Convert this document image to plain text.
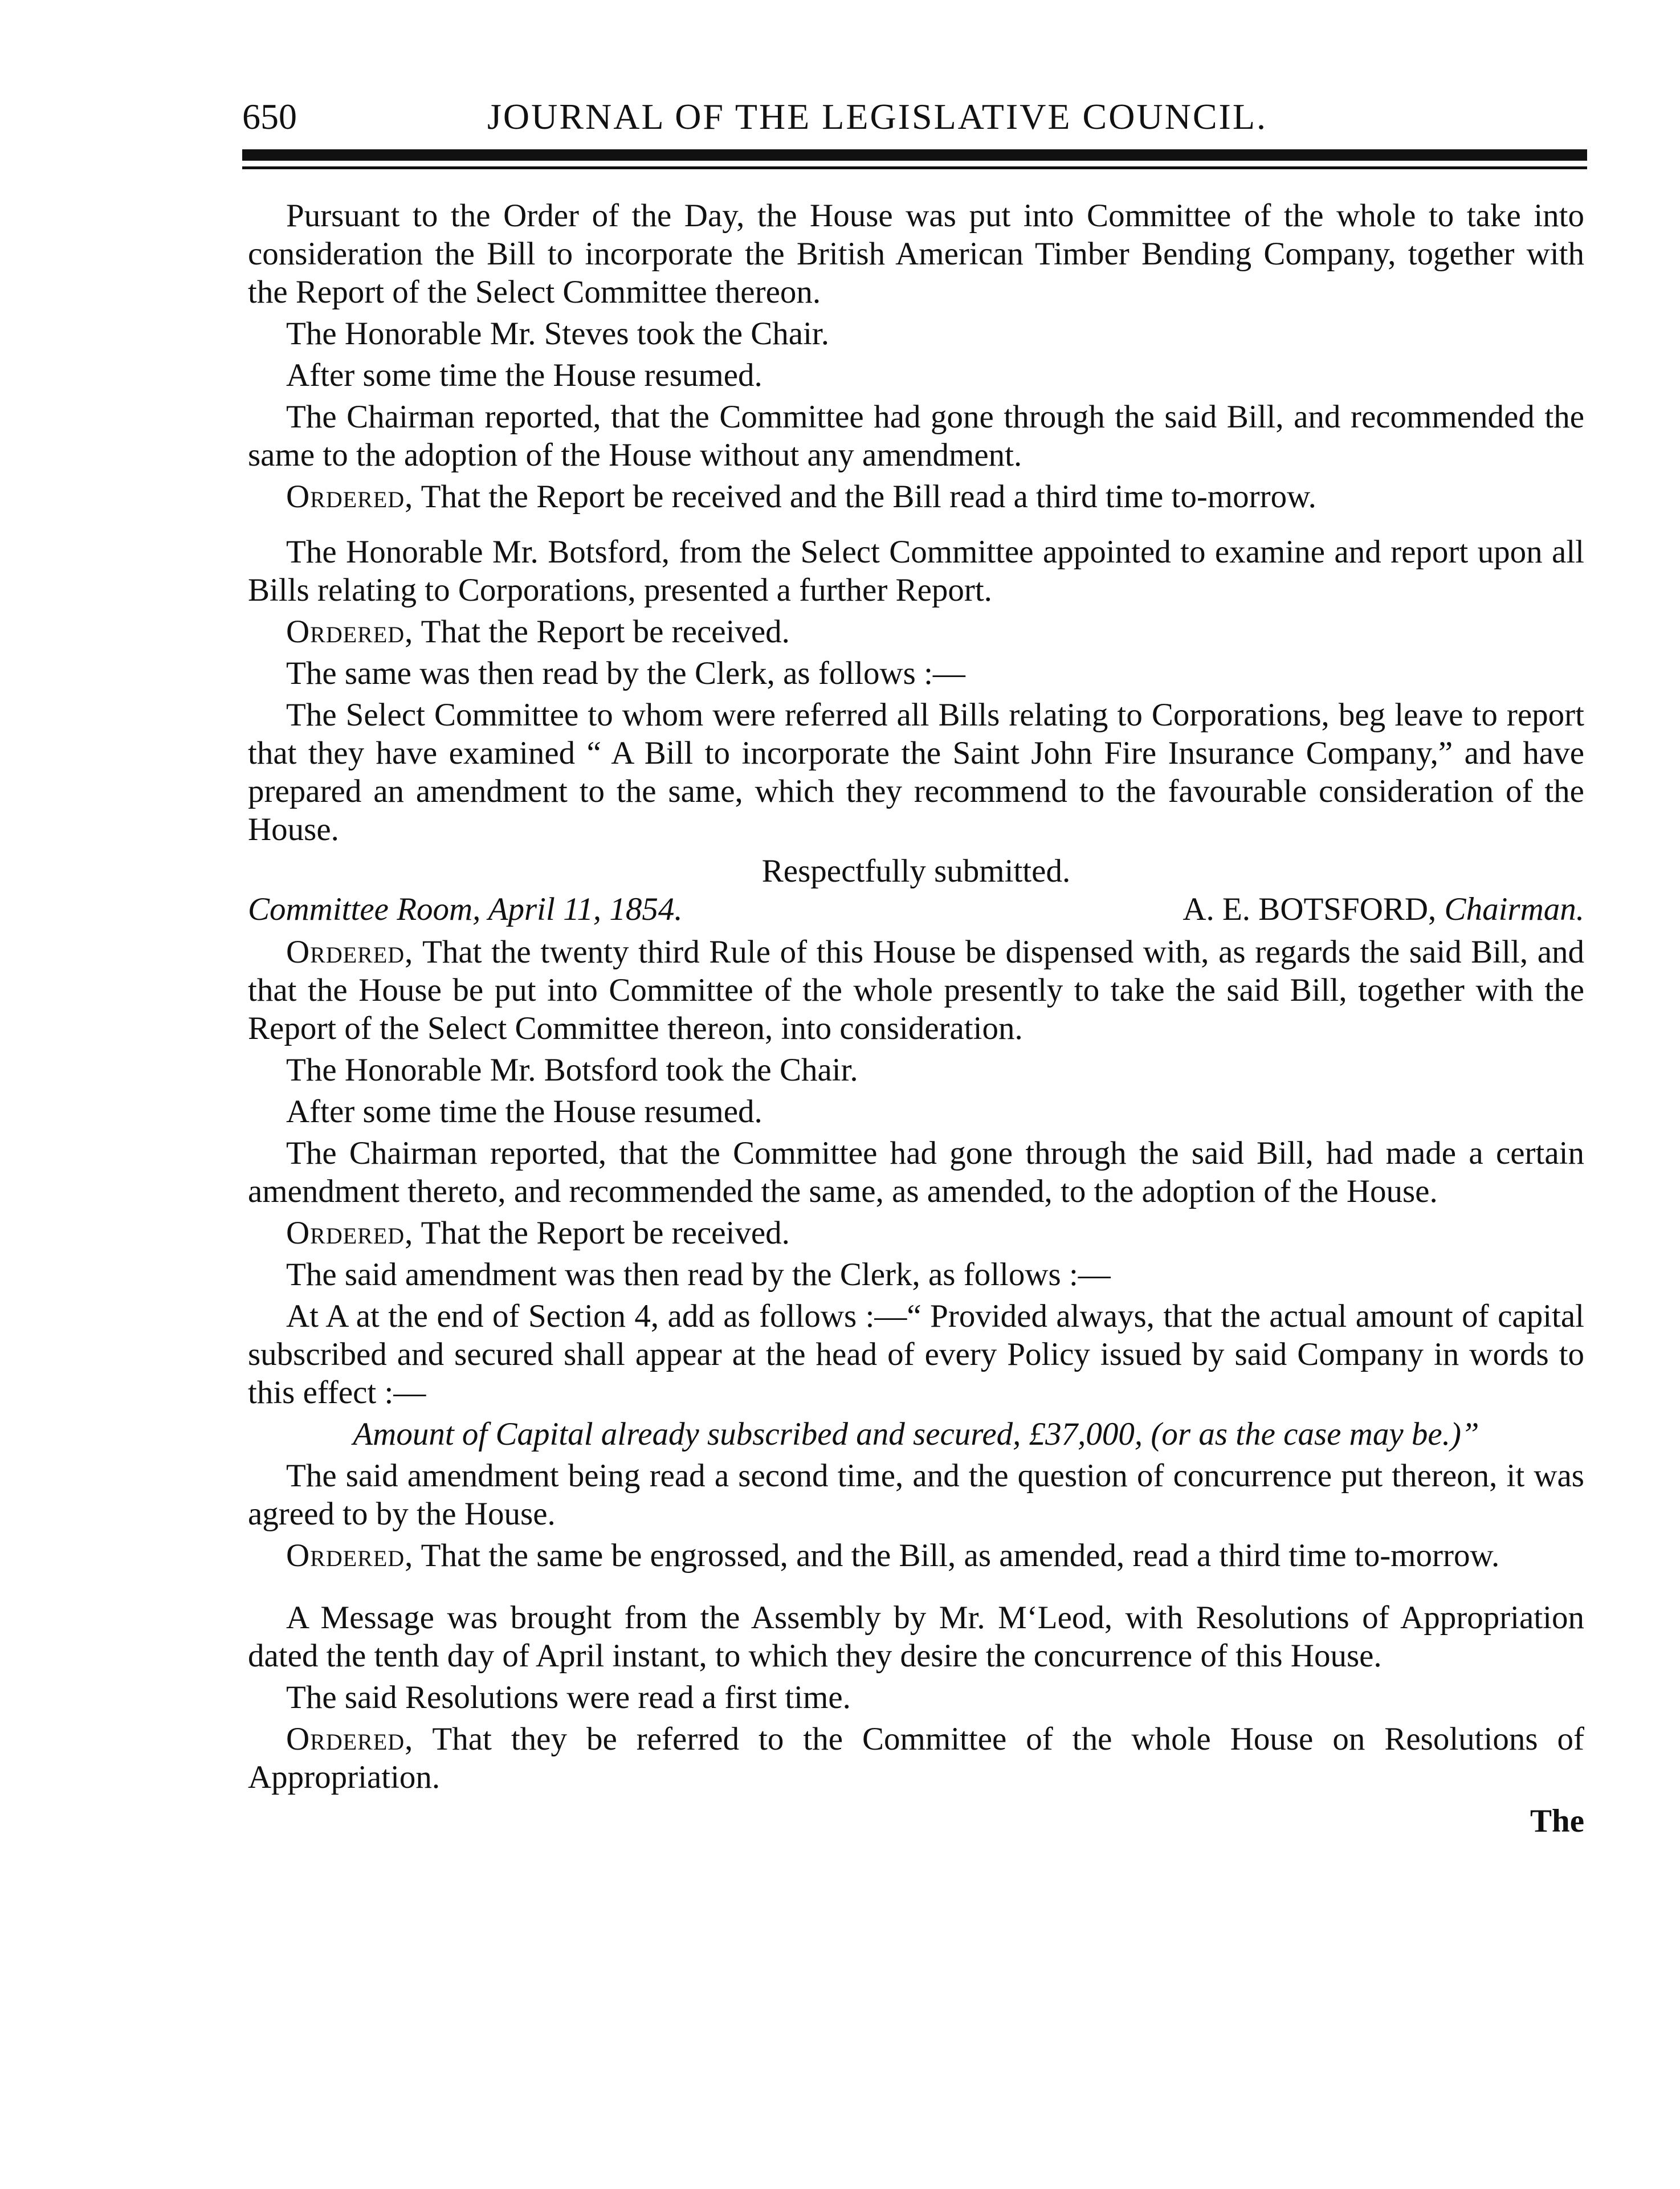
650	JOURNAL OF THE LEGISLATIVE COUNCIL.

Pursuant to the Order of the Day, the House was put into Committee of the whole to take into consideration the Bill to incorporate the British American Timber Bending Company, together with the Report of the Select Committee thereon.

The Honorable Mr. Steves took the Chair.

After some time the House resumed.

The Chairman reported, that the Committee had gone through the said Bill, and recommended the same to the adoption of the House without any amendment.

Ordered, That the Report be received and the Bill read a third time to-morrow.

The Honorable Mr. Botsford, from the Select Committee appointed to examine and report upon all Bills relating to Corporations, presented a further Report.

Ordered, That the Report be received.

The same was then read by the Clerk, as follows :—

The Select Committee to whom were referred all Bills relating to Corporations, beg leave to report that they have examined “ A Bill to incorporate the Saint John Fire Insurance Company,” and have prepared an amendment to the same, which they recommend to the favourable consideration of the House.

Respectfully submitted.

Committee Room, April 11, 1854.	A. E. BOTSFORD, Chairman.

Ordered, That the twenty third Rule of this House be dispensed with, as regards the said Bill, and that the House be put into Committee of the whole presently to take the said Bill, together with the Report of the Select Committee thereon, into consideration.

The Honorable Mr. Botsford took the Chair.

After some time the House resumed.

The Chairman reported, that the Committee had gone through the said Bill, had made a certain amendment thereto, and recommended the same, as amended, to the adoption of the House.

Ordered, That the Report be received.

The said amendment was then read by the Clerk, as follows :—

At A at the end of Section 4, add as follows :—“ Provided always, that the actual amount of capital subscribed and secured shall appear at the head of every Policy issued by said Company in words to this effect :—

Amount of Capital already subscribed and secured, £37,000, (or as the case may be.)”

The said amendment being read a second time, and the question of concurrence put thereon, it was agreed to by the House.

Ordered, That the same be engrossed, and the Bill, as amended, read a third time to-morrow.

A Message was brought from the Assembly by Mr. M‘Leod, with Resolutions of Appropriation dated the tenth day of April instant, to which they desire the concurrence of this House.

The said Resolutions were read a first time.

Ordered, That they be referred to the Committee of the whole House on Resolutions of Appropriation.

The
